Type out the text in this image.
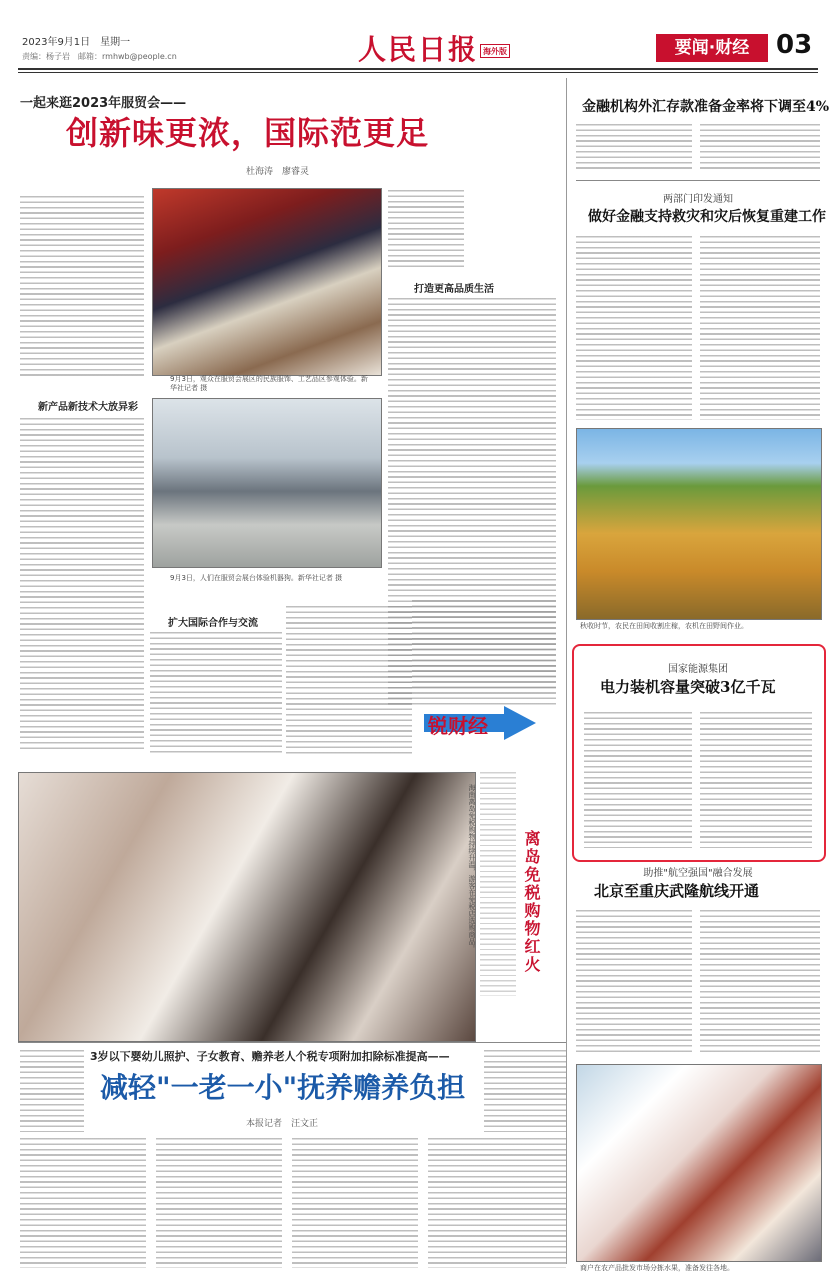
2023年9月1日　星期一
责编：杨子岩　邮箱：rmhwb@people.cn	人民日报 海外版	要闻·财经	03
一起来逛2023年服贸会——
创新味更浓，国际范更足
杜海涛　廖睿灵
新产品新技术大放异彩
9月3日，观众在服贸会展区的民族服饰、工艺品区参观体验。新华社记者 摄
9月3日，人们在服贸会展台体验机器狗。新华社记者 摄
扩大国际合作与交流
打造更高品质生活
锐财经
海南离岛免税购物持续升温，游客在免税店选购商品。	离岛免税购物红火
3岁以下婴幼儿照护、子女教育、赡养老人个税专项附加扣除标准提高——
减轻"一老一小"抚养赡养负担
本报记者　汪文正
金融机构外汇存款准备金率将下调至4%
两部门印发通知
做好金融支持救灾和灾后恢复重建工作
秋收时节，农民在田间收割庄稼，农机在田野间作业。
国家能源集团
电力装机容量突破3亿千瓦
助推"航空强国"融合发展
北京至重庆武隆航线开通
商户在农产品批发市场分拣水果，准备发往各地。
